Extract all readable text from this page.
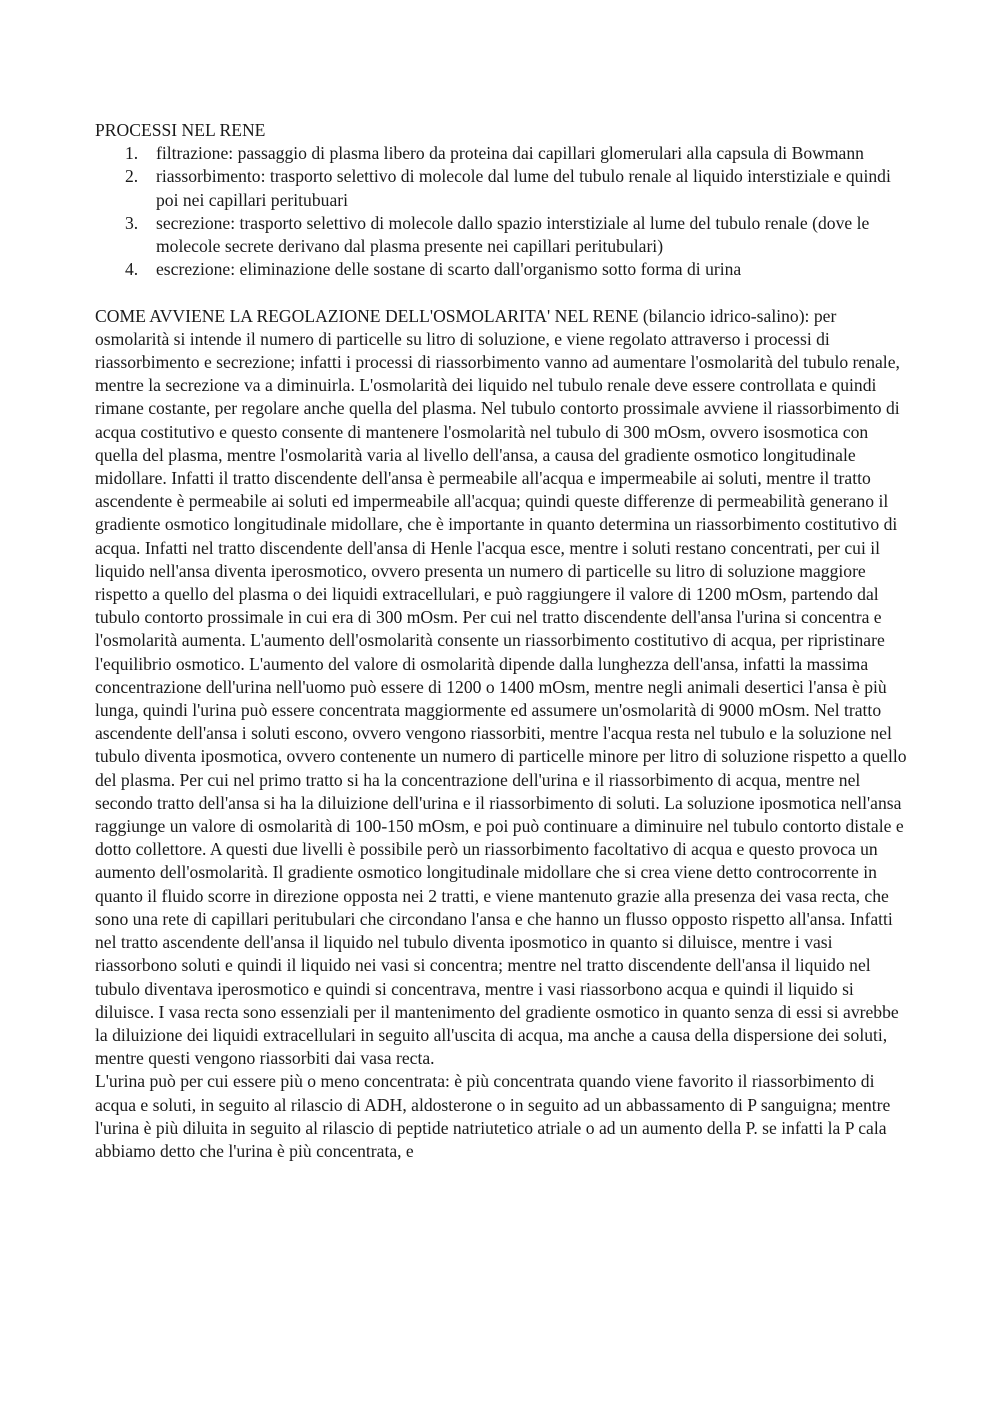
PROCESSI NEL RENE

1. filtrazione: passaggio di plasma libero da proteina dai capillari glomerulari alla capsula di Bowmann
2. riassorbimento: trasporto selettivo di molecole dal lume del tubulo renale al liquido interstiziale e quindi poi nei capillari peritubuari
3. secrezione: trasporto selettivo di molecole dallo spazio interstiziale al lume del tubulo renale (dove le molecole secrete derivano dal plasma presente nei capillari peritubulari)
4. escrezione: eliminazione delle sostane di scarto dall'organismo sotto forma di urina

COME AVVIENE LA REGOLAZIONE DELL'OSMOLARITA' NEL RENE (bilancio idrico-salino): per osmolarità si intende il numero di particelle su litro di soluzione, e viene regolato attraverso i processi di riassorbimento e secrezione; infatti i processi di riassorbimento vanno ad aumentare l'osmolarità del tubulo renale, mentre la secrezione va a diminuirla. L'osmolarità dei liquido nel tubulo renale deve essere controllata e quindi rimane costante, per regolare anche quella del plasma. Nel tubulo contorto prossimale avviene il riassorbimento di acqua costitutivo e questo consente di mantenere l'osmolarità nel tubulo di 300 mOsm, ovvero isosmotica con quella del plasma, mentre l'osmolarità varia al livello dell'ansa, a causa del gradiente osmotico longitudinale midollare. Infatti il tratto discendente dell'ansa è permeabile all'acqua e impermeabile ai soluti, mentre il tratto ascendente è permeabile ai soluti ed impermeabile all'acqua; quindi queste differenze di permeabilità generano il gradiente osmotico longitudinale midollare, che è importante in quanto determina un riassorbimento costitutivo di acqua. Infatti nel tratto discendente dell'ansa di Henle l'acqua esce, mentre i soluti restano concentrati, per cui il liquido nell'ansa diventa iperosmotico, ovvero presenta un numero di particelle su litro di soluzione maggiore rispetto a quello del plasma o dei liquidi extracellulari, e può raggiungere il valore di 1200 mOsm, partendo dal tubulo contorto prossimale in cui era di 300 mOsm. Per cui nel tratto discendente dell'ansa l'urina si concentra e l'osmolarità aumenta. L'aumento dell'osmolarità consente un riassorbimento costitutivo di acqua, per ripristinare l'equilibrio osmotico. L'aumento del valore di osmolarità dipende dalla lunghezza dell'ansa, infatti la massima concentrazione dell'urina nell'uomo può essere di 1200 o 1400 mOsm, mentre negli animali desertici l'ansa è più lunga, quindi l'urina può essere concentrata maggiormente ed assumere un'osmolarità di 9000 mOsm. Nel tratto ascendente dell'ansa i soluti escono, ovvero vengono riassorbiti, mentre l'acqua resta nel tubulo e la soluzione nel tubulo diventa iposmotica, ovvero contenente un numero di particelle minore per litro di soluzione rispetto a quello del plasma. Per cui nel primo tratto si ha la concentrazione dell'urina e il riassorbimento di acqua, mentre nel secondo tratto dell'ansa si ha la diluizione dell'urina e il riassorbimento di soluti. La soluzione iposmotica nell'ansa raggiunge un valore di osmolarità di 100-150 mOsm, e poi può continuare a diminuire nel tubulo contorto distale e dotto collettore. A questi due livelli è possibile però un riassorbimento facoltativo di acqua e questo provoca un aumento dell'osmolarità. Il gradiente osmotico longitudinale midollare che si crea viene detto controcorrente in quanto il fluido scorre in direzione opposta nei 2 tratti, e viene mantenuto grazie alla presenza dei vasa recta, che sono una rete di capillari peritubulari che circondano l'ansa e che hanno un flusso opposto rispetto all'ansa. Infatti nel tratto ascendente dell'ansa il liquido nel tubulo diventa iposmotico in quanto si diluisce, mentre i vasi riassorbono soluti e quindi il liquido nei vasi si concentra; mentre nel tratto discendente dell'ansa il liquido nel tubulo diventava iperosmotico e quindi si concentrava, mentre i vasi riassorbono acqua e quindi il liquido si diluisce. I vasa recta sono essenziali per il mantenimento del gradiente osmotico in quanto senza di essi si avrebbe la diluizione dei liquidi extracellulari in seguito all'uscita di acqua, ma anche a causa della dispersione dei soluti, mentre questi vengono riassorbiti dai vasa recta.

L'urina può per cui essere più o meno concentrata: è più concentrata quando viene favorito il riassorbimento di acqua e soluti, in seguito al rilascio di ADH, aldosterone o in seguito ad un abbassamento di P sanguigna; mentre l'urina è più diluita in seguito al rilascio di peptide natriutetico atriale o ad un aumento della P. se infatti la P cala abbiamo detto che l'urina è più concentrata, e
